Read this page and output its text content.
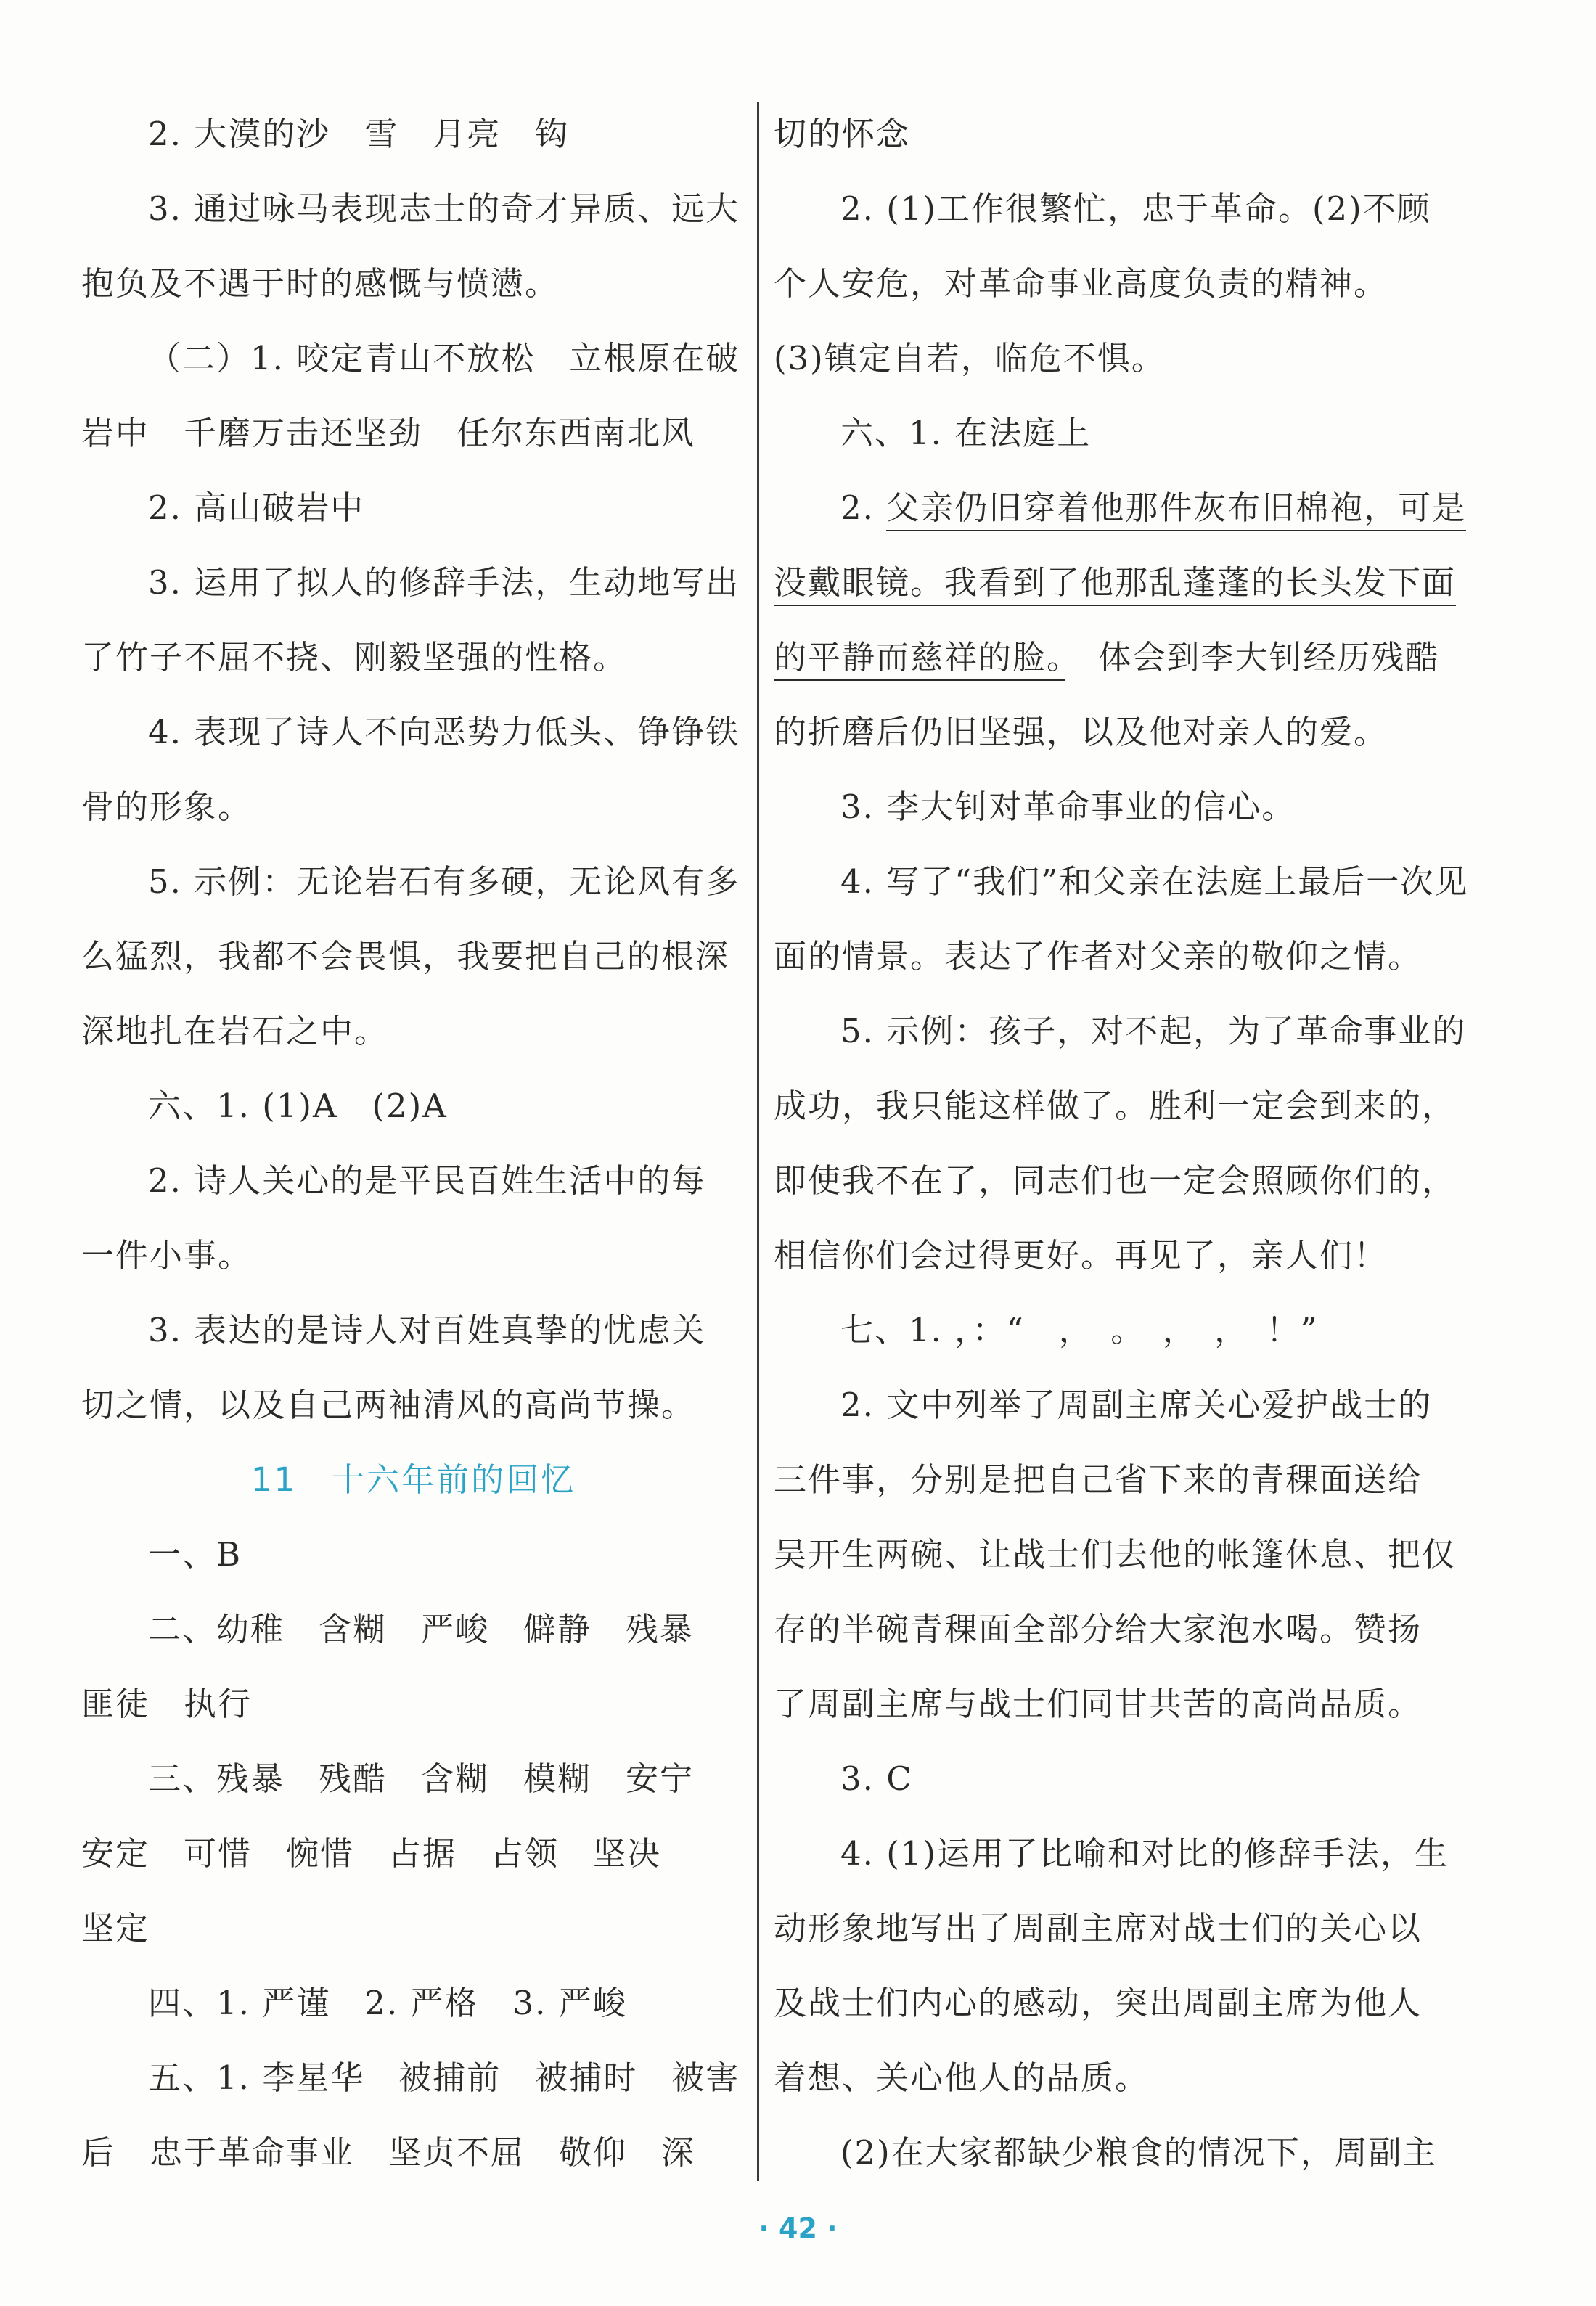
2. 大漠的沙　雪　月亮　钩
3. 通过咏马表现志士的奇才异质、远大
抱负及不遇于时的感慨与愤懑。
（二）1. 咬定青山不放松　立根原在破
岩中　千磨万击还坚劲　任尔东西南北风
2. 高山破岩中
3. 运用了拟人的修辞手法，生动地写出
了竹子不屈不挠、刚毅坚强的性格。
4. 表现了诗人不向恶势力低头、铮铮铁
骨的形象。
5. 示例：无论岩石有多硬，无论风有多
么猛烈，我都不会畏惧，我要把自己的根深
深地扎在岩石之中。
六、1. (1)A　(2)A
2. 诗人关心的是平民百姓生活中的每
一件小事。
3. 表达的是诗人对百姓真挚的忧虑关
切之情，以及自己两袖清风的高尚节操。
11　十六年前的回忆
一、B
二、幼稚　含糊　严峻　僻静　残暴
匪徒　执行
三、残暴　残酷　含糊　模糊　安宁
安定　可惜　惋惜　占据　占领　坚决
坚定
四、1. 严谨　2. 严格　3. 严峻
五、1. 李星华　被捕前　被捕时　被害
后　忠于革命事业　坚贞不屈　敬仰　深
切的怀念
2. (1)工作很繁忙，忠于革命。(2)不顾
个人安危，对革命事业高度负责的精神。
(3)镇定自若，临危不惧。
六、1. 在法庭上
2. 父亲仍旧穿着他那件灰布旧棉袍，可是
没戴眼镜。我看到了他那乱蓬蓬的长头发下面
的平静而慈祥的脸。　体会到李大钊经历残酷
的折磨后仍旧坚强，以及他对亲人的爱。
3. 李大钊对革命事业的信心。
4. 写了“我们”和父亲在法庭上最后一次见
面的情景。表达了作者对父亲的敬仰之情。
5. 示例：孩子，对不起，为了革命事业的
成功，我只能这样做了。胜利一定会到来的，
即使我不在了，同志们也一定会照顾你们的，
相信你们会过得更好。再见了，亲人们！
七、1. ，：“　，　。　，　，　！”
2. 文中列举了周副主席关心爱护战士的
三件事，分别是把自己省下来的青稞面送给
吴开生两碗、让战士们去他的帐篷休息、把仅
存的半碗青稞面全部分给大家泡水喝。赞扬
了周副主席与战士们同甘共苦的高尚品质。
3. C
4. (1)运用了比喻和对比的修辞手法，生
动形象地写出了周副主席对战士们的关心以
及战士们内心的感动，突出周副主席为他人
着想、关心他人的品质。
(2)在大家都缺少粮食的情况下，周副主
· 42 ·
